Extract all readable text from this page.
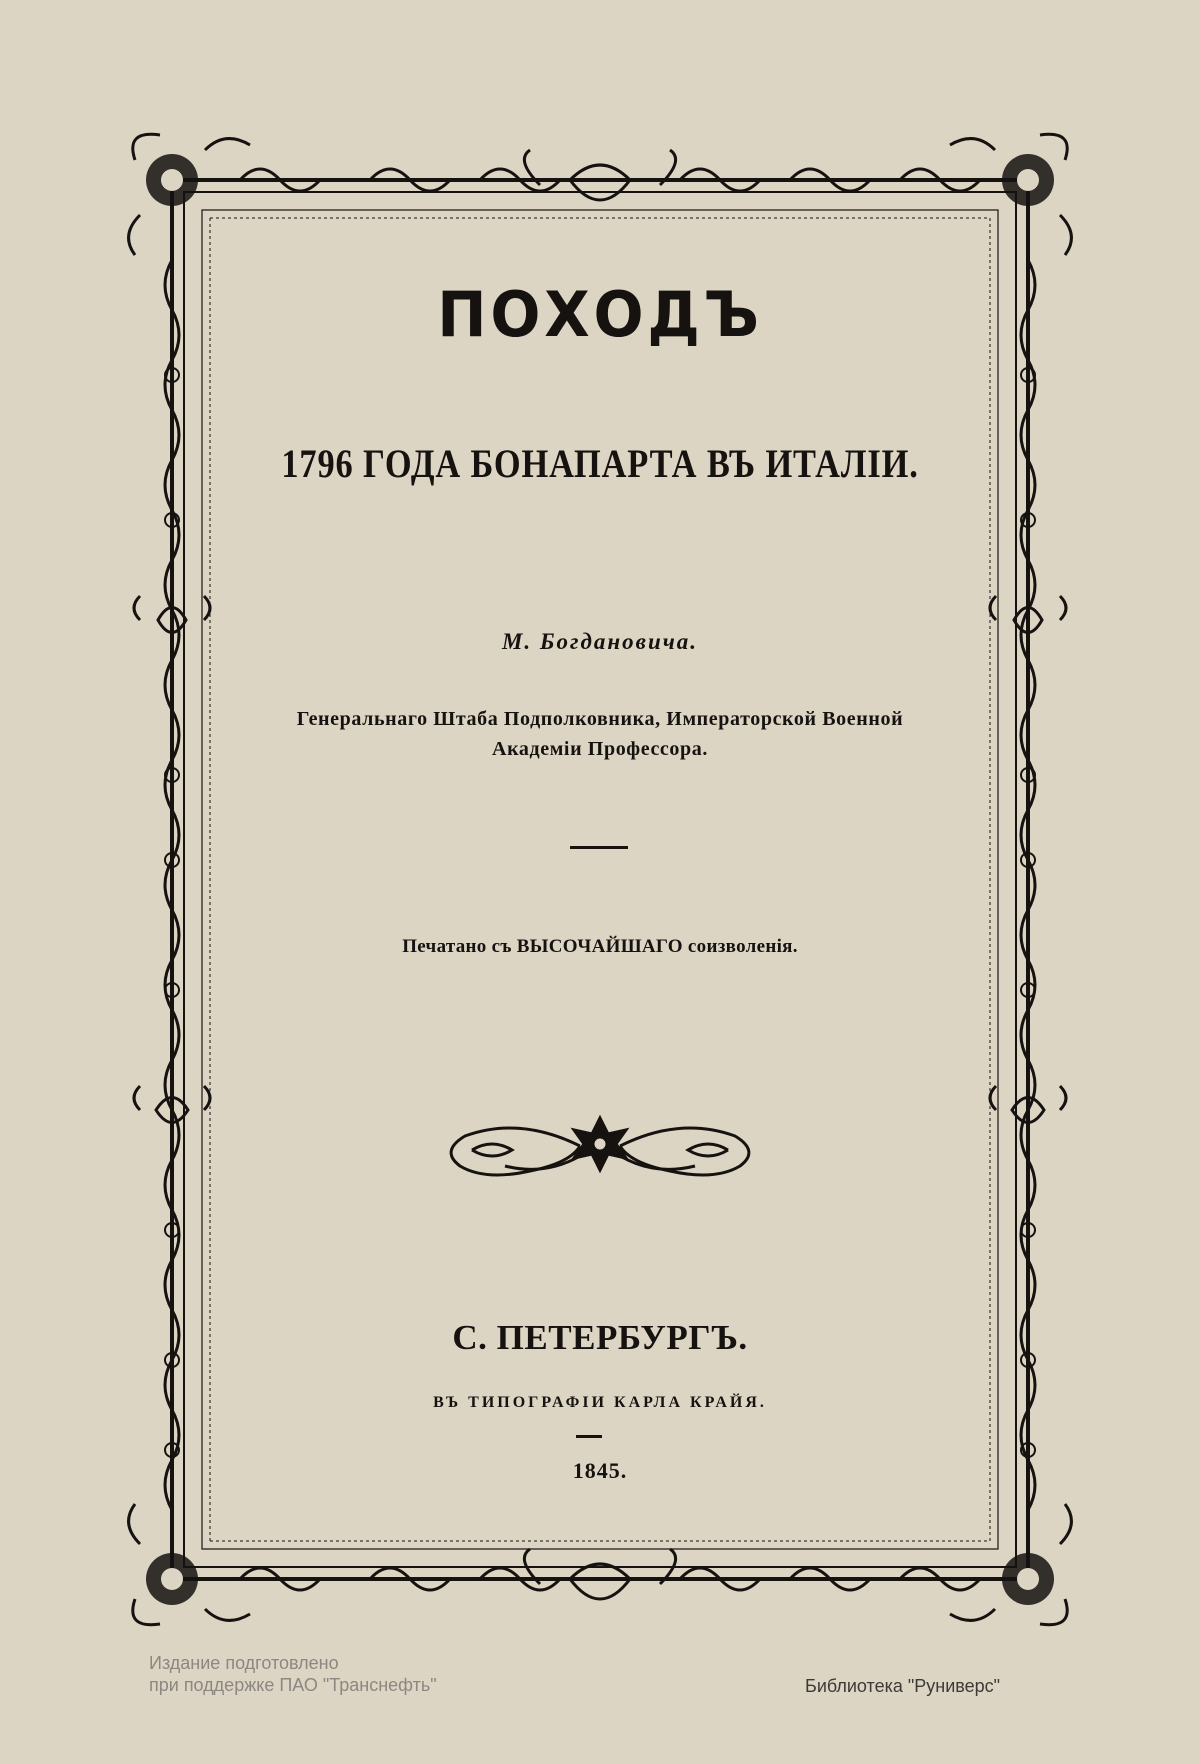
ПОХОДЪ
1796 ГОДА БОНАПАРТА ВЪ ИТАЛІИ.

М. Богдановича.

Генеральнаго Штаба Подполковника, Императорской Военной
Академіи Профессора.

Печатано съ ВЫСОЧАЙШАГО соизволенія.

С. ПЕТЕРБУРГЪ.

ВЪ ТИПОГРАФІИ КАРЛА КРАЙЯ.

1845.

Издание подготовлено
при поддержке ПАО "Транснефть"	Библиотека "Руниверс"
